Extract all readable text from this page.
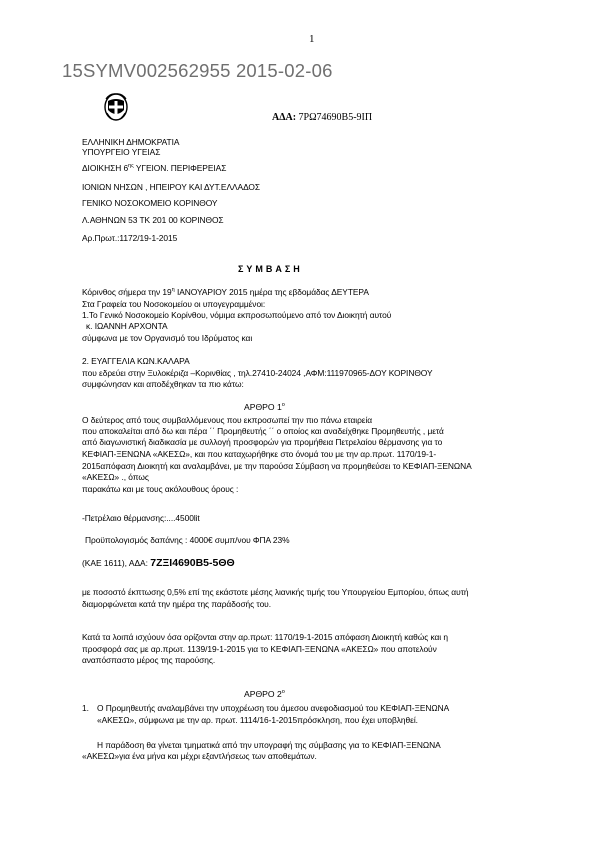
1
15SYMV002562955 2015-02-06
ΑΔΑ: 7ΡΩ74690Β5-9ΙΠ
ΕΛΛΗΝΙΚΗ ΔΗΜΟΚΡΑΤΙΑ
ΥΠΟΥΡΓΕΙΟ ΥΓΕΙΑΣ
ΔΙΟΙΚΗΣΗ $6^{\eta\varsigma}$ ΥΓΕΙΟΝ. ΠΕΡΙΦΕΡΕΙΑΣ
ΙΟΝΙΩΝ ΝΗΣΩΝ , ΗΠΕΙΡΟΥ ΚΑΙ ΔΥΤ.ΕΛΛΑΔΟΣ
ΓΕΝΙΚΟ ΝΟΣΟΚΟΜΕΙΟ ΚΟΡΙΝΘΟΥ
Λ.ΑΘΗΝΩΝ 53 ΤΚ 201 00 ΚΟΡΙΝΘΟΣ
Αρ.Πρωτ.:1172/19-1-2015
ΣΥΜΒΑΣΗ
Κόρινθος σήμερα την $19^\eta$ ΙΑΝΟΥΑΡΙΟΥ 2015 ημέρα της εβδομάδας ΔΕΥΤΕΡΑ
Στα Γραφεία του Νοσοκομείου οι υπογεγραμμένοι:
1.Το Γενικό Νοσοκομείο Κορίνθου, νόμιμα εκπροσωπούμενο από τον Διοικητή αυτού
κ. ΙΩΑΝΝΗ ΑΡΧΟΝΤΑ
σύμφωνα με τον Οργανισμό του Ιδρύματος και
2. ΕΥΑΓΓΕΛΙΑ ΚΩΝ.ΚΑΛΑΡΑ
που εδρεύει στην Ξυλοκέριζα –Κορινθίας , τηλ.27410-24024 ,ΑΦΜ:111970965-ΔΟΥ ΚΟΡΙΝΘΟΥ
συμφώνησαν και αποδέχθηκαν τα πιο κάτω:
ΑΡΘΡΟ $1^o$
Ο δεύτερος από τους συμβαλλόμενους που εκπροσωπεί την πιο πάνω εταιρεία
που αποκαλείται από δω και πέρα ΄΄ Προμηθευτής ΄΄ ο οποίος και αναδείχθηκε Προμηθευτής , μετά
από διαγωνιστική διαδικασία με συλλογή προσφορών για προμήθεια Πετρελαίου θέρμανσης για το
ΚΕΦΙΑΠ-ΞΕΝΩΝΑ «ΑΚΕΣΩ», και που καταχωρήθηκε στο όνομά του με την αρ.πρωτ. 1170/19-1-
2015απόφαση Διοικητή και αναλαμβάνει, με την παρούσα Σύμβαση να προμηθεύσει το ΚΕΦΙΑΠ-ΞΕΝΩΝΑ
«ΑΚΕΣΩ» ., όπως
παρακάτω και με τους ακόλουθους όρους :
-Πετρέλαιο θέρμανσης:....4500lit
Προϋπολογισμός δαπάνης : 4000€ συμπ/νου ΦΠΑ 23%
(ΚΑΕ 1611), ΑΔΑ: 7ΖΞΙ4690Β5-5ΘΘ
με ποσοστό έκπτωσης 0,5% επί της εκάστοτε μέσης λιανικής τιμής του Υπουργείου Εμπορίου, όπως αυτή
διαμορφώνεται κατά την ημέρα της παράδοσής του.
Κατά τα λοιπά ισχύουν όσα ορίζονται στην αρ.πρωτ: 1170/19-1-2015 απόφαση Διοικητή καθώς και η
προσφορά σας με αρ.πρωτ. 1139/19-1-2015 για το ΚΕΦΙΑΠ-ΞΕΝΩΝΑ «ΑΚΕΣΩ» που αποτελούν
αναπόσπαστο μέρος της παρούσης.
ΑΡΘΡΟ $2^o$
1. Ο Προμηθευτής αναλαμβάνει την υποχρέωση του άμεσου ανεφοδιασμού του ΚΕΦΙΑΠ-ΞΕΝΩΝΑ
«ΑΚΕΣΩ», σύμφωνα με την αρ. πρωτ. 1114/16-1-2015πρόσκληση, που έχει υποβληθεί.
Η παράδοση θα γίνεται τμηματικά από την υπογραφή της σύμβασης για το ΚΕΦΙΑΠ-ΞΕΝΩΝΑ
«ΑΚΕΣΩ»για ένα μήνα και μέχρι εξαντλήσεως των αποθεμάτων.
